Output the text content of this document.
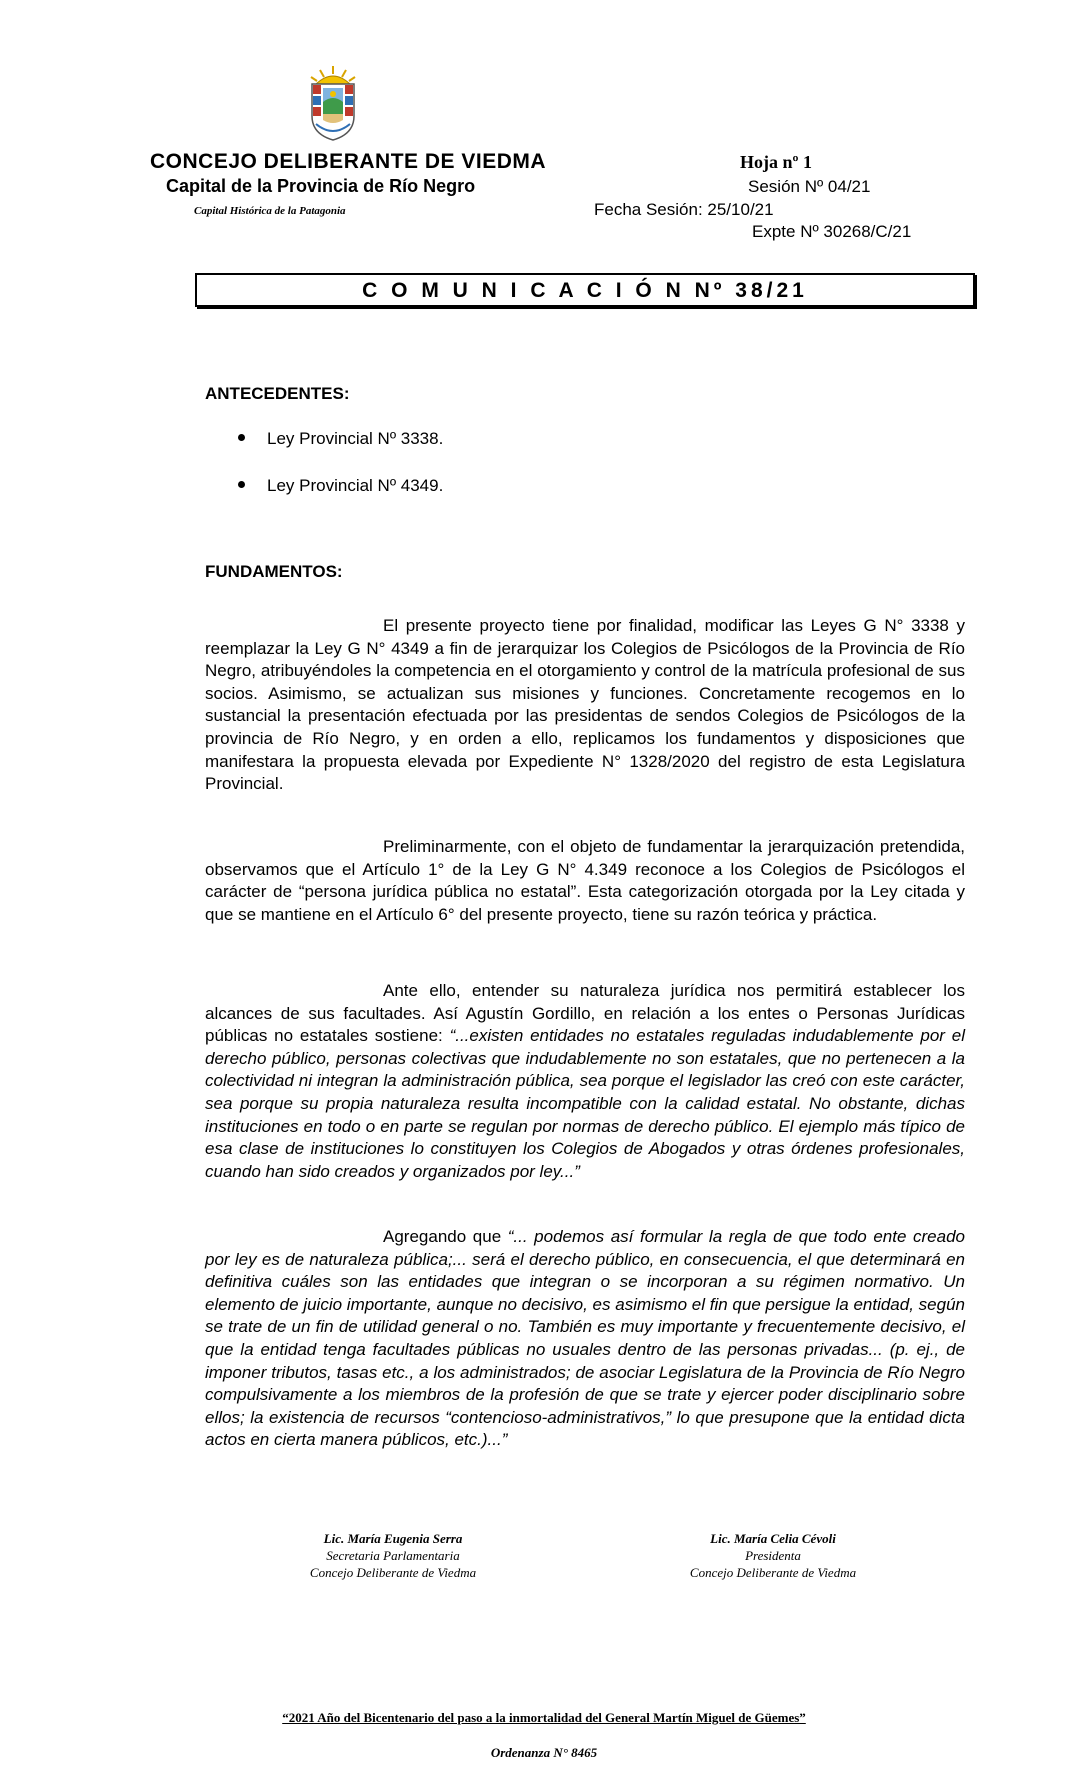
CONCEJO DELIBERANTE DE VIEDMA
Capital de la Provincia de Río Negro
Capital Histórica de la Patagonia
Hoja nº 1
Sesión Nº 04/21
Fecha Sesión: 25/10/21
Expte Nº 30268/C/21
C O M U N I C A C I Ó N Nº 38/21
ANTECEDENTES:
Ley Provincial Nº 3338.
Ley Provincial Nº 4349.
FUNDAMENTOS:
El presente proyecto tiene por finalidad, modificar las Leyes G N° 3338 y reemplazar la Ley G N° 4349 a fin de jerarquizar los Colegios de Psicólogos de la Provincia de Río Negro, atribuyéndoles la competencia en el otorgamiento y control de la matrícula profesional de sus socios. Asimismo, se actualizan sus misiones y funciones. Concretamente recogemos en lo sustancial la presentación efectuada por las presidentas de sendos Colegios de Psicólogos de la provincia de Río Negro, y en orden a ello, replicamos los fundamentos y disposiciones que manifestara la propuesta elevada por Expediente N° 1328/2020 del registro de esta Legislatura Provincial.
Preliminarmente, con el objeto de fundamentar la jerarquización pretendida, observamos que el Artículo 1° de la Ley G N° 4.349 reconoce a los Colegios de Psicólogos el carácter de “persona jurídica pública no estatal”. Esta categorización otorgada por la Ley citada y que se mantiene en el Artículo 6° del presente proyecto, tiene su razón teórica y práctica.
Ante ello, entender su naturaleza jurídica nos permitirá establecer los alcances de sus facultades. Así Agustín Gordillo, en relación a los entes o Personas Jurídicas públicas no estatales sostiene: “...existen entidades no estatales reguladas indudablemente por el derecho público, personas colectivas que indudablemente no son estatales, que no pertenecen a la colectividad ni integran la administración pública, sea porque el legislador las creó con este carácter, sea porque su propia naturaleza resulta incompatible con la calidad estatal. No obstante, dichas instituciones en todo o en parte se regulan por normas de derecho público. El ejemplo más típico de esa clase de instituciones lo constituyen los Colegios de Abogados y otras órdenes profesionales, cuando han sido creados y organizados por ley...”
Agregando que “... podemos así formular la regla de que todo ente creado por ley es de naturaleza pública;... será el derecho público, en consecuencia, el que determinará en definitiva cuáles son las entidades que integran o se incorporan a su régimen normativo. Un elemento de juicio importante, aunque no decisivo, es asimismo el fin que persigue la entidad, según se trate de un fin de utilidad general o no. También es muy importante y frecuentemente decisivo, el que la entidad tenga facultades públicas no usuales dentro de las personas privadas... (p. ej., de imponer tributos, tasas etc., a los administrados; de asociar Legislatura de la Provincia de Río Negro compulsivamente a los miembros de la profesión de que se trate y ejercer poder disciplinario sobre ellos; la existencia de recursos “contencioso-administrativos,” lo que presupone que la entidad dicta actos en cierta manera públicos, etc.)...”
Lic. María Eugenia Serra
Secretaria Parlamentaria
Concejo Deliberante de Viedma
Lic. María Celia Cévoli
Presidenta
Concejo Deliberante de Viedma
“2021 Año del Bicentenario del paso a la inmortalidad del General Martín Miguel de Güemes”
Ordenanza N° 8465
